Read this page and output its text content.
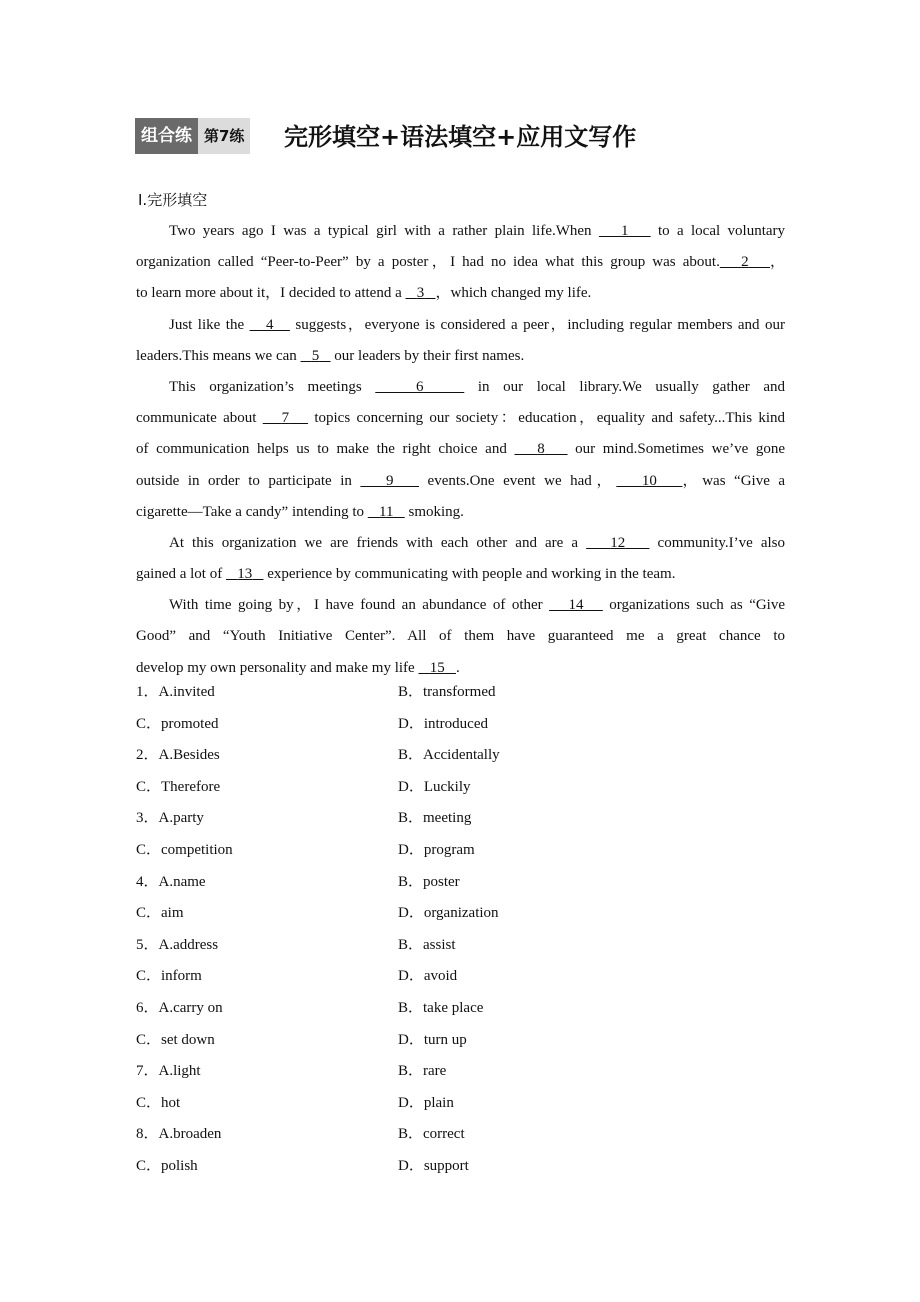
组合练 第7练 完形填空+语法填空+应用文写作
Ⅰ.完形填空
Two years ago I was a typical girl with a rather plain life.When    1    to a local voluntary
organization called “Peer-to-Peer” by a poster，I had no idea what this group was about. 2 ，
to learn more about it，I decided to attend a    3 ，which changed my life.
Just like the    4    suggests，everyone is considered a peer，including regular members and our
leaders.This means we can    5    our leaders by their first names.
This organization’s meetings	6	in our local library.We usually gather and
communicate about    7    topics concerning our society：education，equality and safety...This kind
of communication helps us to make the right choice and    8    our mind.Sometimes we’ve gone
outside in order to participate in    9    events.One event we had， 10 ，was “Give a
cigarette—Take a candy” intending to    11    smoking.
At this organization we are friends with each other and are a    12    community.I’ve also
gained a lot of    13    experience by communicating with people and working in the team.
With time going by，I have found an abundance of other    14    organizations such as “Give
Good” and “Youth Initiative Center”. All of them have guaranteed me a great chance to
develop my own personality and make my life    15 .
1．A.invited	B．transformed
C．promoted	D．introduced
2．A.Besides	B．Accidentally
C．Therefore	D．Luckily
3．A.party	B．meeting
C．competition	D．program
4．A.name	B．poster
C．aim	D．organization
5．A.address	B．assist
C．inform	D．avoid
6．A.carry on	B．take place
C．set down	D．turn up
7．A.light	B．rare
C．hot	D．plain
8．A.broaden	B．correct
C．polish	D．support
